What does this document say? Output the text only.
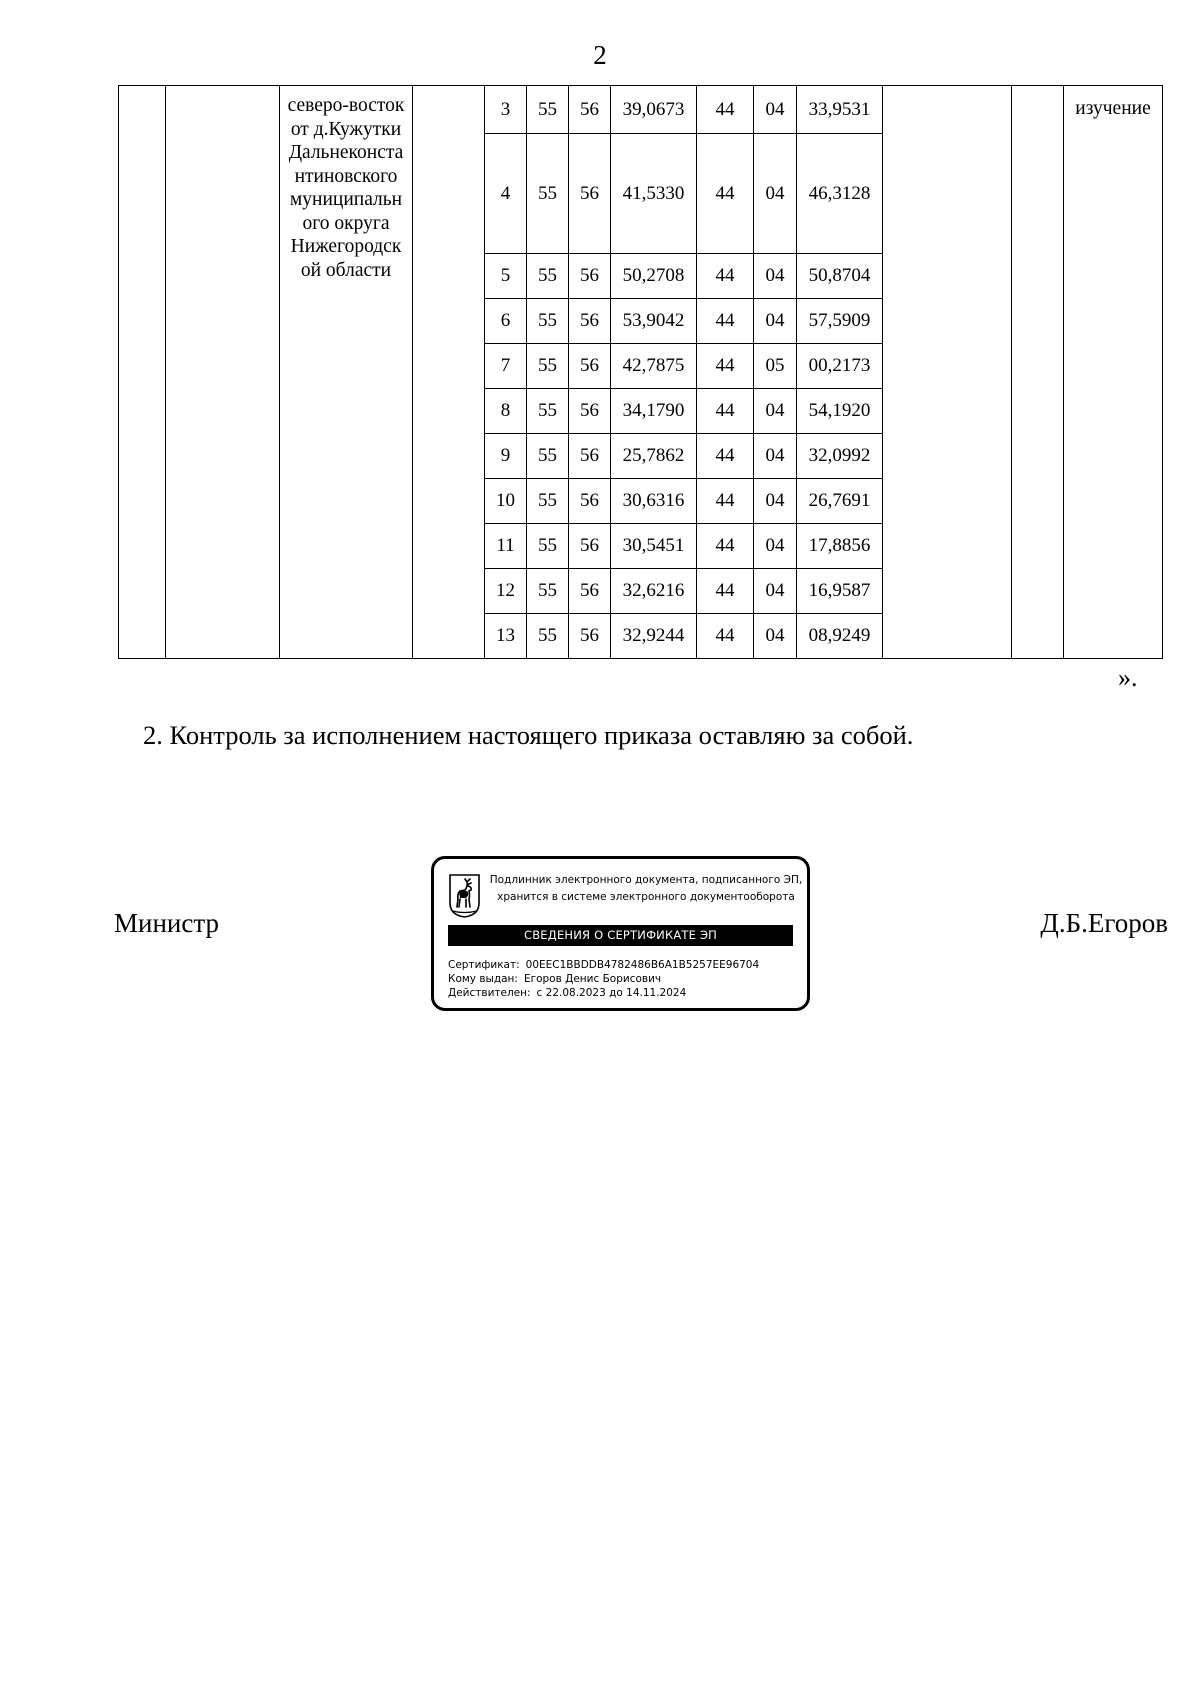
2

		северо-восток от д.Кужутки Дальнеконста нтиновского муниципальн ого округа Нижегородск ой области		3	55	56	39,0673	44	04	33,9531			изучение

				4	55	56	41,5330	44	04	46,3128			
				5	55	56	50,2708	44	04	50,8704			
				6	55	56	53,9042	44	04	57,5909			
				7	55	56	42,7875	44	05	00,2173			
				8	55	56	34,1790	44	04	54,1920			
				9	55	56	25,7862	44	04	32,0992			
				10	55	56	30,6316	44	04	26,7691			
				11	55	56	30,5451	44	04	17,8856			
				12	55	56	32,6216	44	04	16,9587			
				13	55	56	32,9244	44	04	08,9249			
».
2. Контроль за исполнением настоящего приказа оставляю за собой.
Министр	Д.Б.Егоров
Подлинник электронного документа, подписанного ЭП,
хранится в системе электронного документооборота
СВЕДЕНИЯ О СЕРТИФИКАТЕ ЭП
Сертификат: 00EEC1BBDDB4782486B6A1B5257EE96704
Кому выдан: Егоров Денис Борисович
Действителен: с 22.08.2023 до 14.11.2024
